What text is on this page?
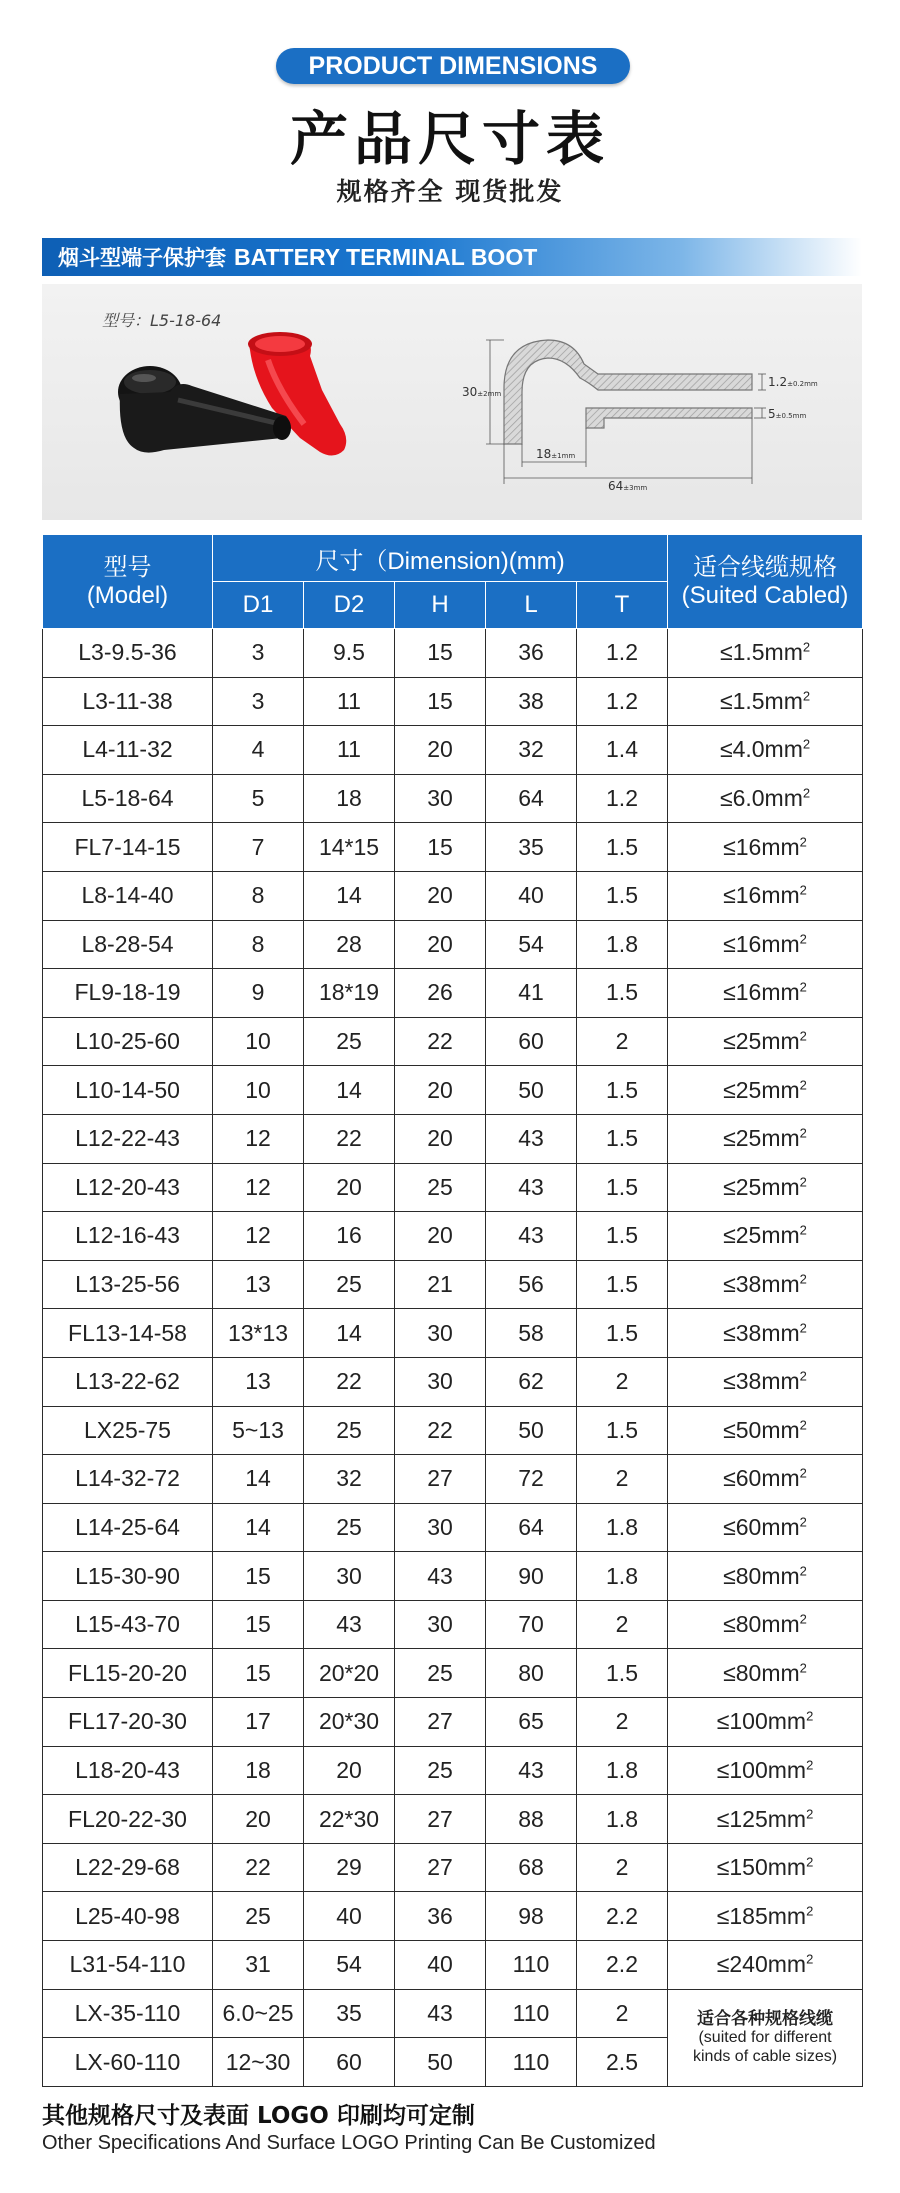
PRODUCT DIMENSIONS
产品尺寸表
规格齐全 现货批发
烟斗型端子保护套 BATTERY TERMINAL BOOT
型号：L5-18-64
30±2mm
1.2±0.2mm
5±0.5mm
18±1mm
64±3mm
型号
(Model)	尺寸（Dimension)(mm)					适合线缆规格
(Suited Cabled)
	D1	D2	H	L	T	
L3-9.5-36	3	9.5	15	36	1.2	$\le 1.5mm^2$
L3-11-38	3	11	15	38	1.2	$\le 1.5mm^2$
L4-11-32	4	11	20	32	1.4	$\le 4.0mm^2$
L5-18-64	5	18	30	64	1.2	$\le 6.0mm^2$
FL7-14-15	7	14*15	15	35	1.5	$\le 16mm^2$
L8-14-40	8	14	20	40	1.5	$\le 16mm^2$
L8-28-54	8	28	20	54	1.8	$\le 16mm^2$
FL9-18-19	9	18*19	26	41	1.5	$\le 16mm^2$
L10-25-60	10	25	22	60	2	$\le 25mm^2$
L10-14-50	10	14	20	50	1.5	$\le 25mm^2$
L12-22-43	12	22	20	43	1.5	$\le 25mm^2$
L12-20-43	12	20	25	43	1.5	$\le 25mm^2$
L12-16-43	12	16	20	43	1.5	$\le 25mm^2$
L13-25-56	13	25	21	56	1.5	$\le 38mm^2$
FL13-14-58	13*13	14	30	58	1.5	$\le 38mm^2$
L13-22-62	13	22	30	62	2	$\le 38mm^2$
LX25-75	5~13	25	22	50	1.5	$\le 50mm^2$
L14-32-72	14	32	27	72	2	$\le 60mm^2$
L14-25-64	14	25	30	64	1.8	$\le 60mm^2$
L15-30-90	15	30	43	90	1.8	$\le 80mm^2$
L15-43-70	15	43	30	70	2	$\le 80mm^2$
FL15-20-20	15	20*20	25	80	1.5	$\le 80mm^2$
FL17-20-30	17	20*30	27	65	2	$\le 100mm^2$
L18-20-43	18	20	25	43	1.8	$\le 100mm^2$
FL20-22-30	20	22*30	27	88	1.8	$\le 125mm^2$
L22-29-68	22	29	27	68	2	$\le 150mm^2$
L25-40-98	25	40	36	98	2.2	$\le 185mm^2$
L31-54-110	31	54	40	110	2.2	$\le 240mm^2$
LX-35-110	6.0~25	35	43	110	2	适合各种规格线缆
(suited for different
kinds of cable sizes)

LX-60-110	12~30	60	50	110	2.5	
其他规格尺寸及表面 LOGO 印刷均可定制
Other Specifications And Surface LOGO Printing Can Be Customized
